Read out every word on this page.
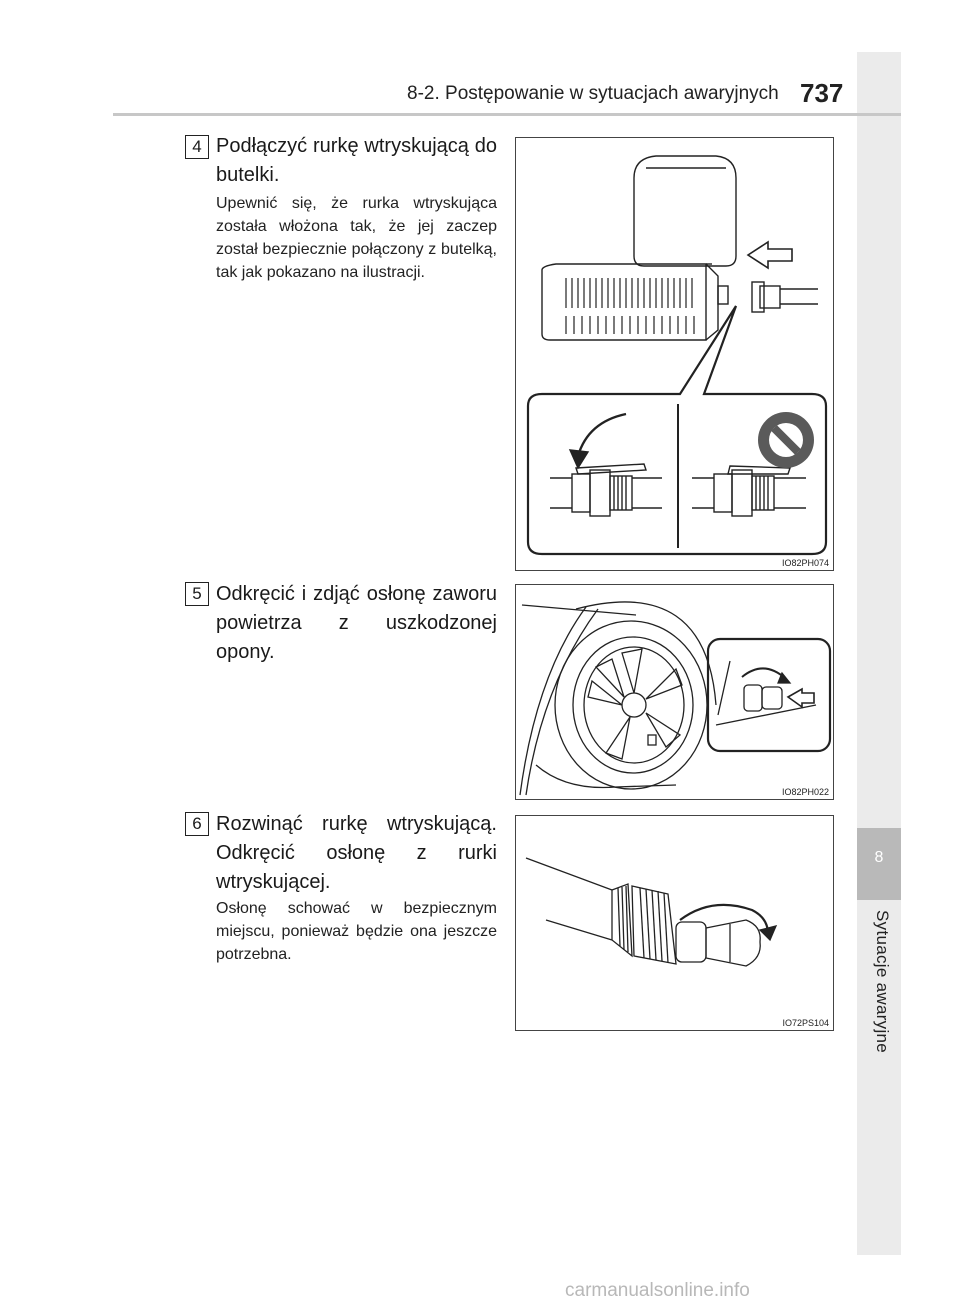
8
Sytuacje awaryjne
8-2. Postępowanie w sytuacjach awaryjnych 737
4 Podłączyć rurkę wtryskującą do butelki.
Upewnić się, że rurka wtryskująca została włożona tak, że jej zaczep został bezpiecznie połączony z butelką, tak jak pokazano na ilustracji.
IO82PH074
5 Odkręcić i zdjąć osłonę zaworu powietrza z uszkodzonej opony.
IO82PH022
6 Rozwinąć rurkę wtryskującą. Odkręcić osłonę z rurki wtryskującej.
Osłonę schować w bezpiecznym miejscu, ponieważ będzie ona jeszcze potrzebna.
IO72PS104
carmanualsonline.info
